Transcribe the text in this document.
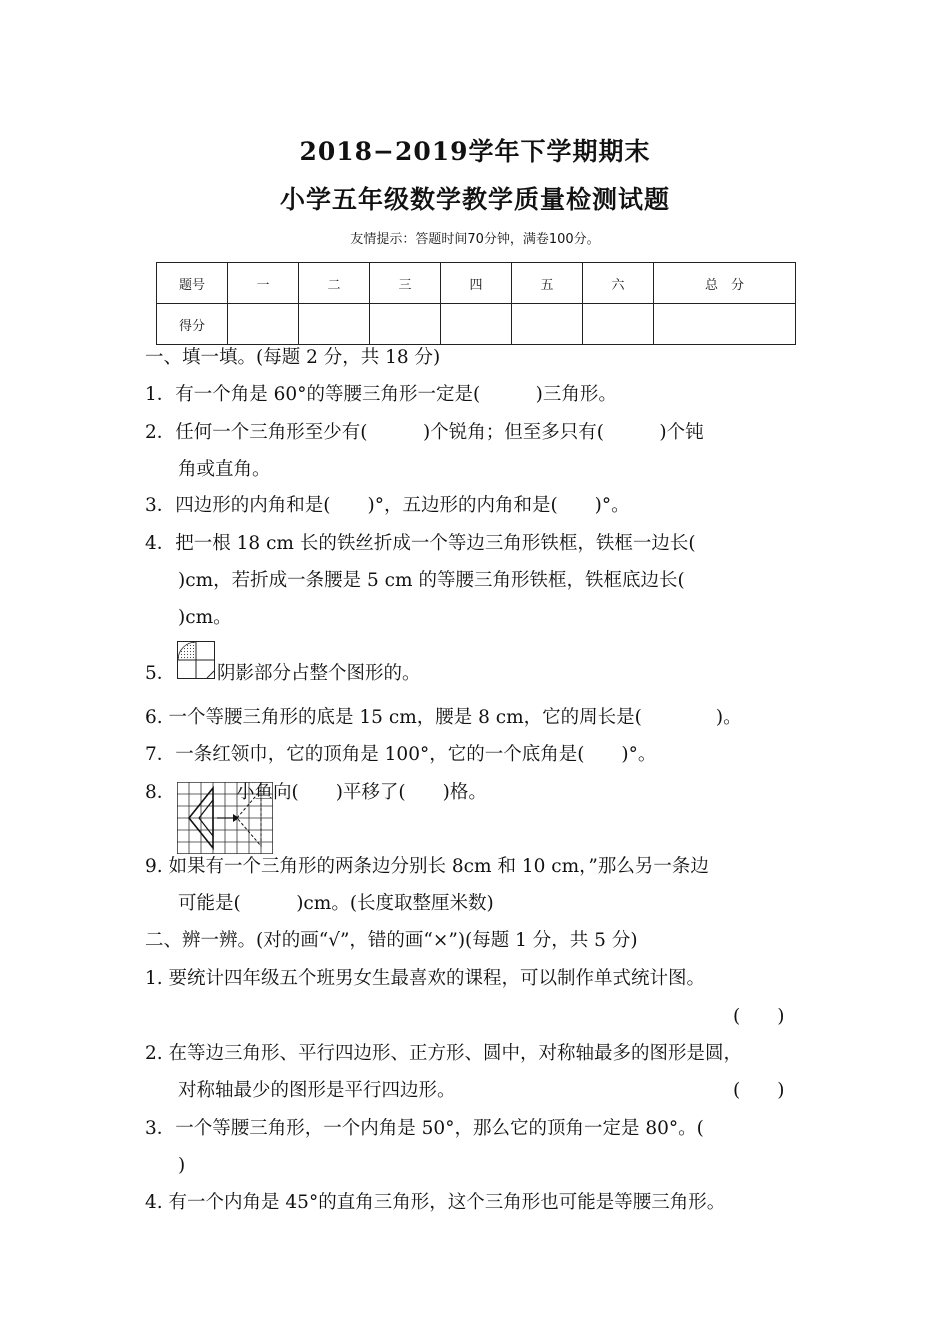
2018−2019学年下学期期末
小学五年级数学教学质量检测试题
友情提示：答题时间70分钟，满卷100分。
题号	一	二	三	四	五	六	总　分
得分							
一、填一填。(每题 2 分，共 18 分)
1．有一个角是 60°的等腰三角形一定是(　　　)三角形。
2．任何一个三角形至少有(　　　)个锐角；但至多只有(　　　)个钝
角或直角。
3．四边形的内角和是(　　)°，五边形的内角和是(　　)°。
4．把一根 18 cm 长的铁丝折成一个等边三角形铁框，铁框一边长(
)cm，若折成一条腰是 5 cm 的等腰三角形铁框，铁框底边长(
)cm。
5． 阴影部分占整个图形的。
6. 一个等腰三角形的底是 15 cm，腰是 8 cm，它的周长是(　　　　)。
7．一条红领巾，它的顶角是 100°，它的一个底角是(　　)°。
8．	小鱼向(　　)平移了(　　)格。
9. 如果有一个三角形的两条边分别长 8cm 和 10 cm，”那么另一条边
可能是(　　　)cm。(长度取整厘米数)
二、辨一辨。(对的画“√”，错的画“×”)(每题 1 分，共 5 分)
1. 要统计四年级五个班男女生最喜欢的课程，可以制作单式统计图。
(　　)
2. 在等边三角形、平行四边形、正方形、圆中，对称轴最多的图形是圆，
对称轴最少的图形是平行四边形。	(　　)
3．一个等腰三角形，一个内角是 50°，那么它的顶角一定是 80°。(
)
4. 有一个内角是 45°的直角三角形，这个三角形也可能是等腰三角形。
